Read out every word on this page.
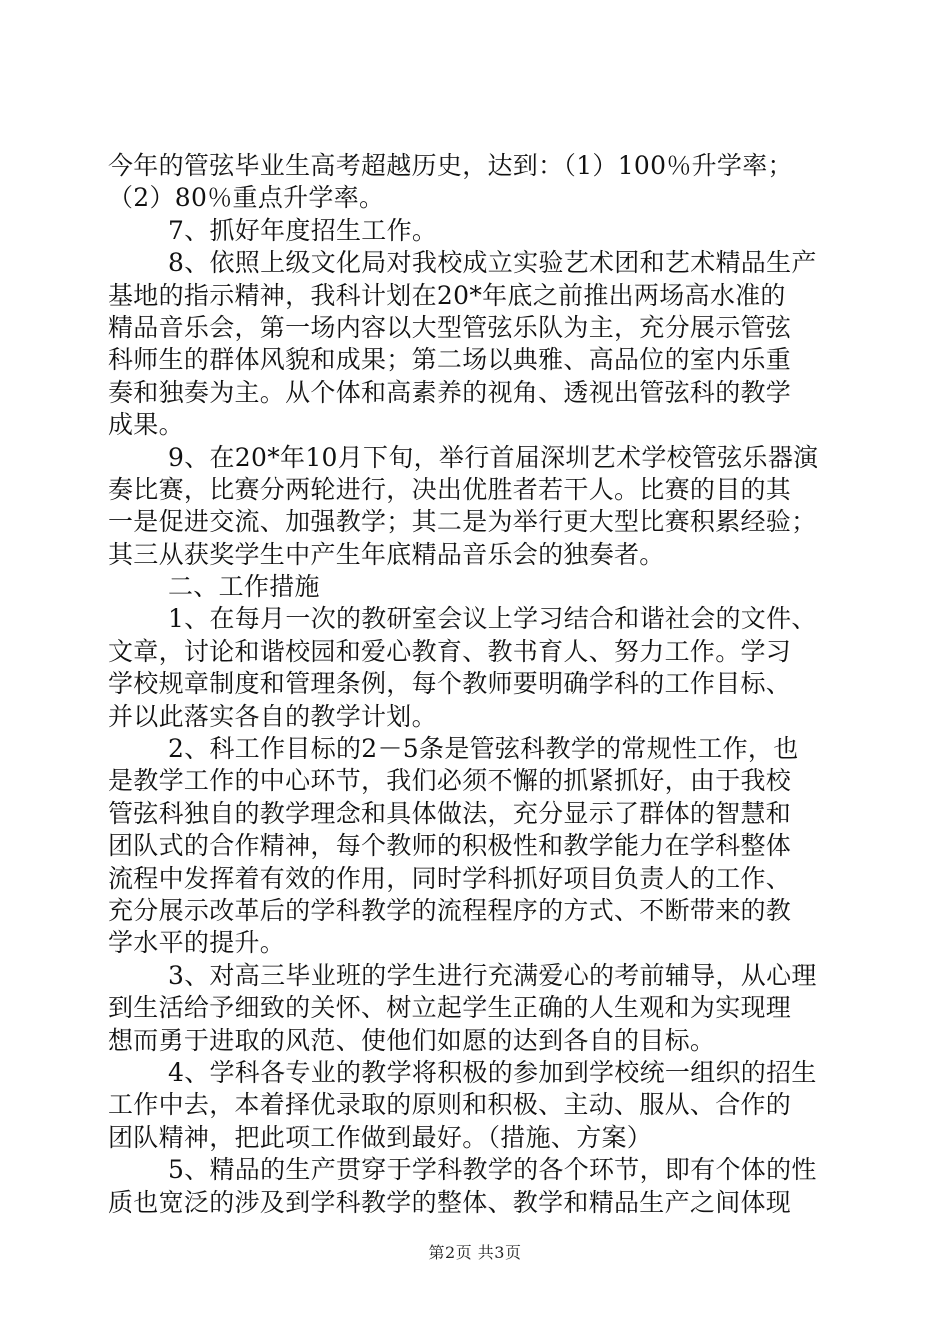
今年的管弦毕业生高考超越历史，达到：（1）100％升学率；
（2）80％重点升学率。
7、抓好年度招生工作。
8、依照上级文化局对我校成立实验艺术团和艺术精品生产
基地的指示精神，我科计划在20*年底之前推出两场高水准的
精品音乐会，第一场内容以大型管弦乐队为主，充分展示管弦
科师生的群体风貌和成果；第二场以典雅、高品位的室内乐重
奏和独奏为主。从个体和高素养的视角、透视出管弦科的教学
成果。
9、在20*年10月下旬，举行首届深圳艺术学校管弦乐器演
奏比赛，比赛分两轮进行，决出优胜者若干人。比赛的目的其
一是促进交流、加强教学；其二是为举行更大型比赛积累经验；
其三从获奖学生中产生年底精品音乐会的独奏者。
二、工作措施
1、在每月一次的教研室会议上学习结合和谐社会的文件、
文章，讨论和谐校园和爱心教育、教书育人、努力工作。学习
学校规章制度和管理条例，每个教师要明确学科的工作目标、
并以此落实各自的教学计划。
2、科工作目标的2－5条是管弦科教学的常规性工作，也
是教学工作的中心环节，我们必须不懈的抓紧抓好，由于我校
管弦科独自的教学理念和具体做法，充分显示了群体的智慧和
团队式的合作精神，每个教师的积极性和教学能力在学科整体
流程中发挥着有效的作用，同时学科抓好项目负责人的工作、
充分展示改革后的学科教学的流程程序的方式、不断带来的教
学水平的提升。
3、对高三毕业班的学生进行充满爱心的考前辅导，从心理
到生活给予细致的关怀、树立起学生正确的人生观和为实现理
想而勇于进取的风范、使他们如愿的达到各自的目标。
4、学科各专业的教学将积极的参加到学校统一组织的招生
工作中去，本着择优录取的原则和积极、主动、服从、合作的
团队精神，把此项工作做到最好。（措施、方案）
5、精品的生产贯穿于学科教学的各个环节，即有个体的性
质也宽泛的涉及到学科教学的整体、教学和精品生产之间体现
第2页 共3页
